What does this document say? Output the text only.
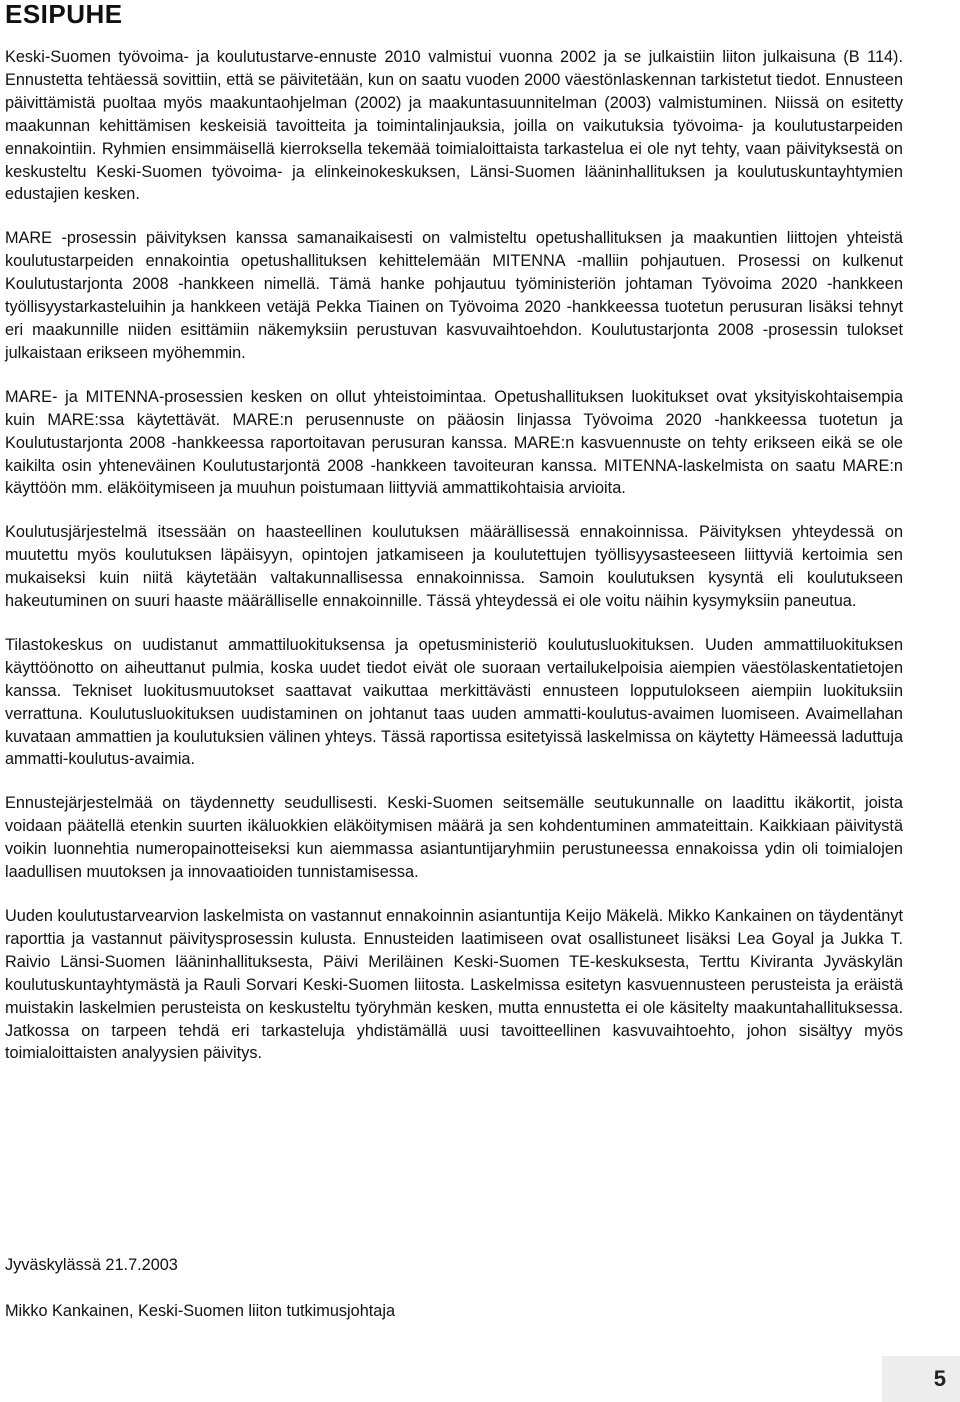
ESIPUHE

Keski-Suomen työvoima- ja koulutustarve-ennuste 2010 valmistui vuonna 2002 ja se julkaistiin liiton julkaisuna (B 114). Ennustetta tehtäessä sovittiin, että se päivitetään, kun on saatu vuoden 2000 väestönlaskennan tarkistetut tiedot. Ennusteen päivittämistä puoltaa myös maakuntaohjelman (2002) ja maakuntasuunnitelman (2003) valmistuminen. Niissä on esitetty maakunnan kehittämisen keskeisiä tavoitteita ja toimintalinjauksia, joilla on vaikutuksia työvoima- ja koulutustarpeiden ennakointiin. Ryhmien ensimmäisellä kierroksella tekemää toimialoittaista tarkastelua ei ole nyt tehty, vaan päivityksestä on keskusteltu Keski-Suomen työvoima- ja elinkeinokeskuksen, Länsi-Suomen lääninhallituksen ja koulutuskuntayhtymien edustajien kesken.

MARE -prosessin päivityksen kanssa samanaikaisesti on valmisteltu opetushallituksen ja maakuntien liittojen yhteistä koulutustarpeiden ennakointia opetushallituksen kehittelemään MITENNA -malliin pohjautuen. Prosessi on kulkenut Koulutustarjonta 2008 -hankkeen nimellä. Tämä hanke pohjautuu työministeriön johtaman Työvoima 2020 -hankkeen työllisyystarkasteluihin ja hankkeen vetäjä Pekka Tiainen on Työvoima 2020 -hankkeessa tuotetun perusuran lisäksi tehnyt eri maakunnille niiden esittämiin näkemyksiin perustuvan kasvuvaihtoehdon. Koulutustarjonta 2008 -prosessin tulokset julkaistaan erikseen myöhemmin.

MARE- ja MITENNA-prosessien kesken on ollut yhteistoimintaa. Opetushallituksen luokitukset ovat yksityiskohtaisempia kuin MARE:ssa käytettävät. MARE:n perusennuste on pääosin linjassa Työvoima 2020 -hankkeessa tuotetun ja Koulutustarjonta 2008 -hankkeessa raportoitavan perusuran kanssa. MARE:n kasvuennuste on tehty erikseen eikä se ole kaikilta osin yhteneväinen Koulutustarjontä 2008 -hankkeen tavoiteuran kanssa. MITENNA-laskelmista on saatu MARE:n käyttöön mm. eläköitymiseen ja muuhun poistumaan liittyviä ammattikohtaisia arvioita.

Koulutusjärjestelmä itsessään on haasteellinen koulutuksen määrällisessä ennakoinnissa. Päivityksen yhteydessä on muutettu myös koulutuksen läpäisyyn, opintojen jatkamiseen ja koulutettujen työllisyysasteeseen liittyviä kertoimia sen mukaiseksi kuin niitä käytetään valtakunnallisessa ennakoinnissa. Samoin koulutuksen kysyntä eli koulutukseen hakeutuminen on suuri haaste määrälliselle ennakoinnille. Tässä yhteydessä ei ole voitu näihin kysymyksiin paneutua.

Tilastokeskus on uudistanut ammattiluokituksensa ja opetusministeriö koulutusluokituksen. Uuden ammattiluokituksen käyttöönotto on aiheuttanut pulmia, koska uudet tiedot eivät ole suoraan vertailukelpoisia aiempien väestölaskentatietojen kanssa. Tekniset luokitusmuutokset saattavat vaikuttaa merkittävästi ennusteen lopputulokseen aiempiin luokituksiin verrattuna. Koulutusluokituksen uudistaminen on johtanut taas uuden ammatti-koulutus-avaimen luomiseen. Avaimellahan kuvataan ammattien ja koulutuksien välinen yhteys. Tässä raportissa esitetyissä laskelmissa on käytetty Hämeessä laduttuja ammatti-koulutus-avaimia.

Ennustejärjestelmää on täydennetty seudullisesti. Keski-Suomen seitsemälle seutukunnalle on laadittu ikäkortit, joista voidaan päätellä etenkin suurten ikäluokkien eläköitymisen määrä ja sen kohdentuminen ammateittain. Kaikkiaan päivitystä voikin luonnehtia numeropainotteiseksi kun aiemmassa asiantuntijaryhmiin perustuneessa ennakoissa ydin oli toimialojen laadullisen muutoksen ja innovaatioiden tunnistamisessa.

Uuden koulutustarvearvion laskelmista on vastannut ennakoinnin asiantuntija Keijo Mäkelä. Mikko Kankainen on täydentänyt raporttia ja vastannut päivitysprosessin kulusta. Ennusteiden laatimiseen ovat osallistuneet lisäksi Lea Goyal ja Jukka T. Raivio Länsi-Suomen lääninhallituksesta, Päivi Meriläinen Keski-Suomen TE-keskuksesta, Terttu Kiviranta Jyväskylän koulutuskuntayhtymästä ja Rauli Sorvari Keski-Suomen liitosta. Laskelmissa esitetyn kasvuennusteen perusteista ja eräistä muistakin laskelmien perusteista on keskusteltu työryhmän kesken, mutta ennustetta ei ole käsitelty maakuntahallituksessa. Jatkossa on tarpeen tehdä eri tarkasteluja yhdistämällä uusi tavoitteellinen kasvuvaihtoehto, johon sisältyy myös toimialoittaisten analyysien päivitys.

Jyväskylässä 21.7.2003

Mikko Kankainen, Keski-Suomen liiton tutkimusjohtaja

5
